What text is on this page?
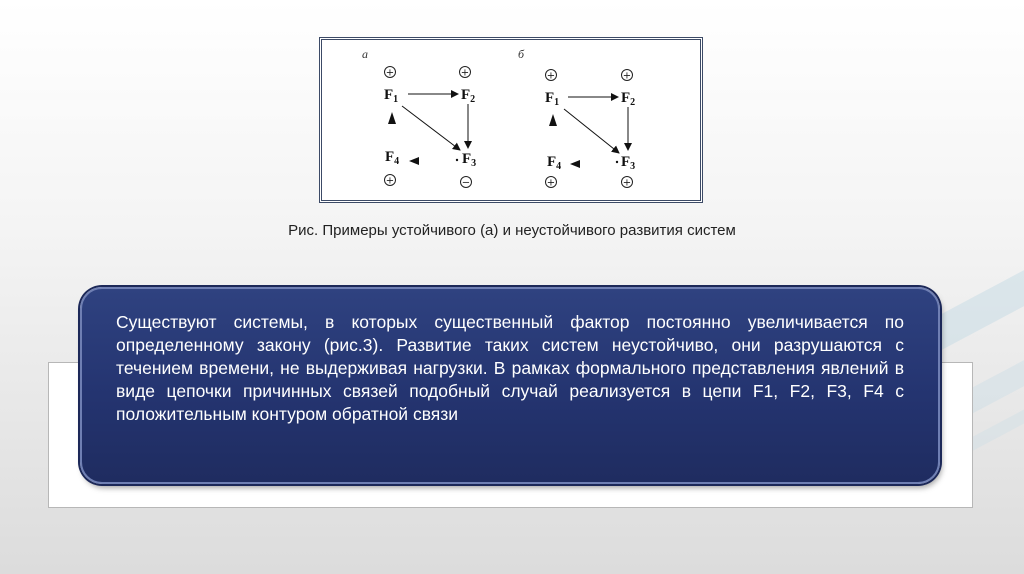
а
+	+
+	−
$F_1$	$F_2$
$F_3$
$F_4$
б
+	+
+	+
$F_1$	$F_2$
$F_3$
$F_4$
Рис. Примеры устойчивого (а) и неустойчивого развития систем

Существуют системы, в которых существенный фактор постоянно увеличивается по определенному закону (рис.3). Развитие таких систем неустойчиво, они разрушаются с течением времени, не выдерживая нагрузки. В рамках формального представления явлений в виде цепочки причинных связей подобный случай реализуется в цепи F1, F2, F3, F4 с положительным контуром обратной связи
